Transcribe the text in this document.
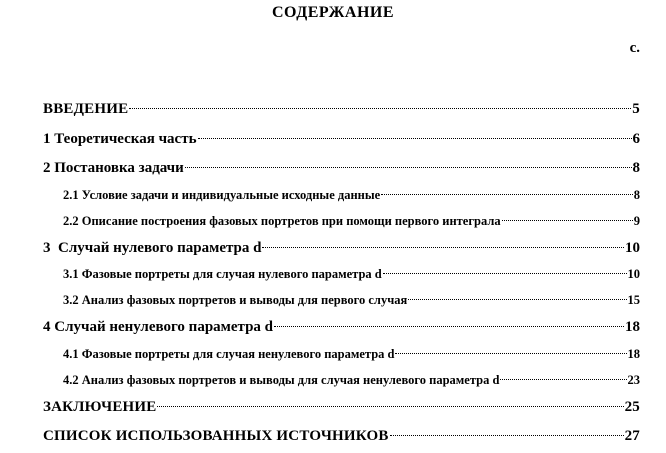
СОДЕРЖАНИЕ
с.
ВВЕДЕНИЕ	5
1 Теоретическая часть	6
2 Постановка задачи	8
2.1 Условие задачи и индивидуальные исходные данные	8
2.2 Описание построения фазовых портретов при помощи первого интеграла	9
3  Случай нулевого параметра d	10
3.1 Фазовые портреты для случая нулевого параметра d	10
3.2 Анализ фазовых портретов и выводы для первого случая	15
4 Случай ненулевого параметра d	18
4.1 Фазовые портреты для случая ненулевого параметра d	18
4.2 Анализ фазовых портретов и выводы для случая ненулевого параметра d	23
ЗАКЛЮЧЕНИЕ	25
СПИСОК ИСПОЛЬЗОВАННЫХ ИСТОЧНИКОВ	27
